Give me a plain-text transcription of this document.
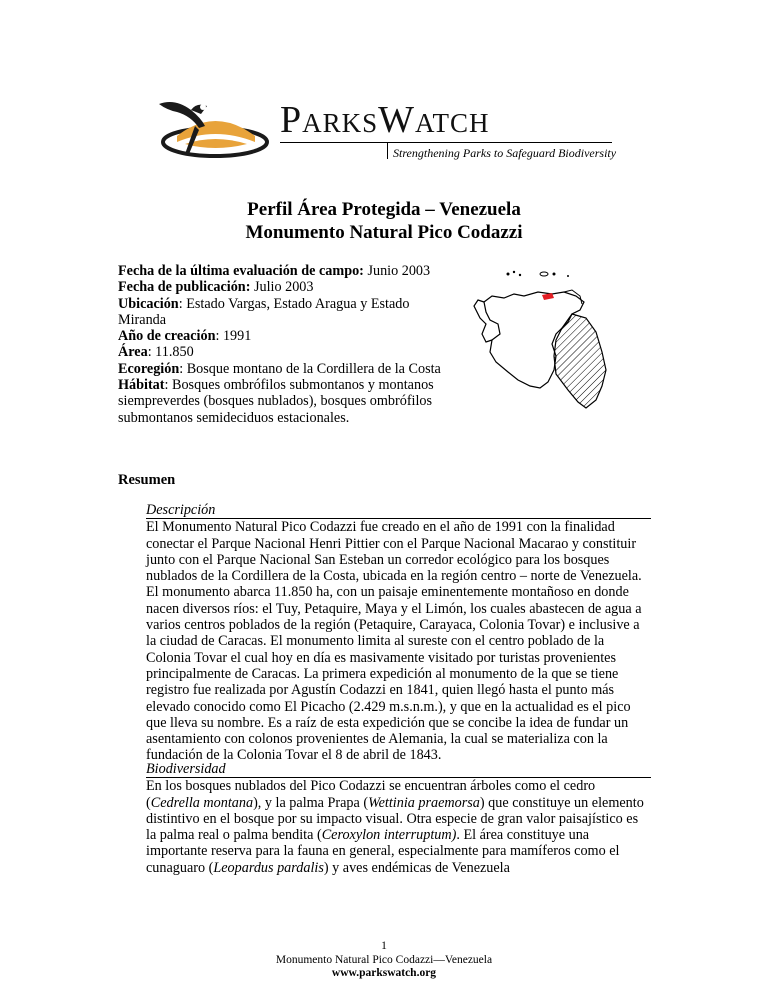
PARKSWATCH
Strengthening Parks to Safeguard Biodiversity
Perfil Área Protegida – Venezuela
Monumento Natural Pico Codazzi

Fecha de la última evaluación de campo: Junio 2003

Fecha de publicación: Julio 2003

Ubicación: Estado Vargas, Estado Aragua y Estado Miranda

Año de creación: 1991

Área: 11.850

Ecoregión: Bosque montano de la Cordillera de la Costa

Hábitat: Bosques ombrófilos submontanos y montanos siempreverdes (bosques nublados), bosques ombrófilos submontanos semideciduos estacionales.

Resumen
Descripción

El Monumento Natural Pico Codazzi fue creado en el año de 1991 con la finalidad conectar el Parque Nacional Henri Pittier con el Parque Nacional Macarao y constituir junto con el Parque Nacional San Esteban un corredor ecológico para los bosques nublados de la Cordillera de la Costa, ubicada en la región centro – norte de Venezuela. El monumento abarca 11.850 ha, con un paisaje eminentemente montañoso en donde nacen diversos ríos: el Tuy, Petaquire, Maya y el Limón, los cuales abastecen de agua a varios centros poblados de la región (Petaquire, Carayaca, Colonia Tovar) e inclusive a la ciudad de Caracas. El monumento limita al sureste con el centro poblado de la Colonia Tovar el cual hoy en día es masivamente visitado por turistas provenientes principalmente de Caracas. La primera expedición al monumento de la que se tiene registro fue realizada por Agustín Codazzi en 1841, quien llegó hasta el punto más elevado conocido como El Picacho (2.429 m.s.n.m.), y que en la actualidad es el pico que lleva su nombre. Es a raíz de esta expedición que se concibe la idea de fundar un asentamiento con colonos provenientes de Alemania, la cual se materializa con la fundación de la Colonia Tovar el 8 de abril de 1843.

Biodiversidad

En los bosques nublados del Pico Codazzi se encuentran árboles como el cedro (Cedrella montana), y la palma Prapa (Wettinia praemorsa) que constituye un elemento distintivo en el bosque por su impacto visual. Otra especie de gran valor paisajístico es la palma real o palma bendita (Ceroxylon interruptum). El área constituye una importante reserva para la fauna en general, especialmente para mamíferos como el cunaguaro (Leopardus pardalis) y aves endémicas de Venezuela

1
Monumento Natural Pico Codazzi—Venezuela
www.parkswatch.org
